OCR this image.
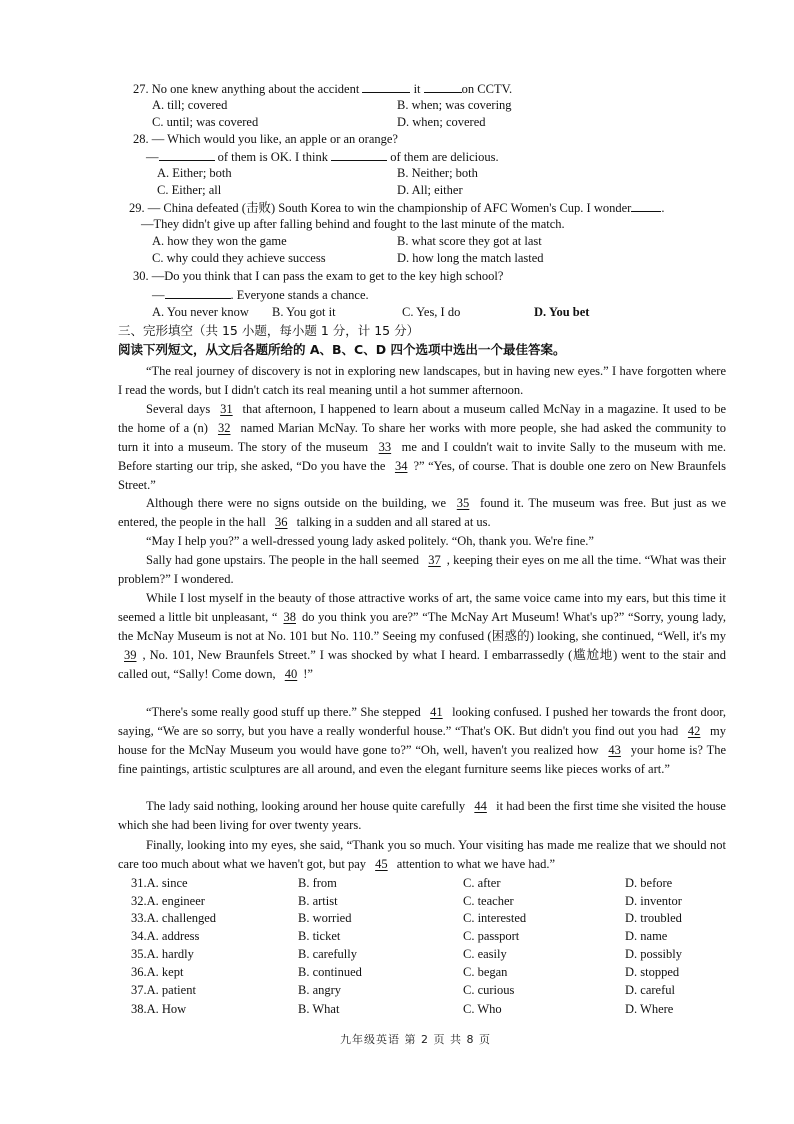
27. No one knew anything about the accident	it	on CCTV.
A. till; covered	B. when; was covering
C. until; was covered	D. when; covered
28. — Which would you like, an apple or an orange?
—	of them is OK. I think	of them are delicious.
A. Either; both	B. Neither; both
C. Either; all	D. All; either
29. — China defeated (击败) South Korea to win the championship of AFC Women's Cup. I wonder .
—They didn't give up after falling behind and fought to the last minute of the match.
A. how they won the game	B. what score they got at last
C. why could they achieve success	D. how long the match lasted
30. —Do you think that I can pass the exam to get to the key high school?
—	. Everyone stands a chance.
A. You never know B. You got it	C. Yes, I do	D. You bet
三、完形填空（共 15 小题，每小题 1 分，计 15 分）
阅读下列短文，从文后各题所给的 A、B、C、D 四个选项中选出一个最佳答案。

“The real journey of discovery is not in exploring new landscapes, but in having new eyes.” I have forgotten where I read the words, but I didn't catch its real meaning until a hot summer afternoon.

Several days 31 that afternoon, I happened to learn about a museum called McNay in a magazine. It used to be the home of a (n) 32 named Marian McNay. To share her works with more people, she had asked the community to turn it into a museum. The story of the museum 33 me and I couldn't wait to invite Sally to the museum with me. Before starting our trip, she asked, “Do you have the 34 ?” “Yes, of course. That is double one zero on New Braunfels Street.”

Although there were no signs outside on the building, we 35 found it. The museum was free. But just as we entered, the people in the hall 36 talking in a sudden and all stared at us.

“May I help you?” a well-dressed young lady asked politely. “Oh, thank you. We're fine.”

Sally had gone upstairs. The people in the hall seemed 37 , keeping their eyes on me all the time. “What was their problem?” I wondered.

While I lost myself in the beauty of those attractive works of art, the same voice came into my ears, but this time it seemed a little bit unpleasant, “ 38 do you think you are?” “The McNay Art Museum! What's up?” “Sorry, young lady, the McNay Museum is not at No. 101 but No. 110.” Seeing my confused (困惑的) looking, she continued, “Well, it's my39 , No. 101, New Braunfels Street.” I was shocked by what I heard. I embarrassedly (尴尬地) went to the stair and called out, “Sally! Come down, 40 !”

“There's some really good stuff up there.” She stepped 41 looking confused. I pushed her towards the front door, saying, “We are so sorry, but you have a really wonderful house.” “That's OK. But didn't you find out you had 42 my house for the McNay Museum you would have gone to?” “Oh, well, haven't you realized how 43 your home is? The fine paintings, artistic sculptures are all around, and even the elegant furniture seems like pieces works of art.”

The lady said nothing, looking around her house quite carefully 44 it had been the first time she visited the house which she had been living for over twenty years.

Finally, looking into my eyes, she said, “Thank you so much. Your visiting has made me realize that we should not care too much about what we haven't got, but pay 45 attention to what we have had.”

31.A. since	B. from	C. after	D. before
32.A. engineer	B. artist	C. teacher	D. inventor
33.A. challenged	B. worried	C. interested	D. troubled
34.A. address	B. ticket	C. passport	D. name
35.A. hardly	B. carefully	C. easily	D. possibly
36.A. kept	B. continued	C. began	D. stopped
37.A. patient	B. angry	C. curious	D. careful
38.A. How	B. What	C. Who	D. Where
九年级英语 第 2 页 共 8 页
